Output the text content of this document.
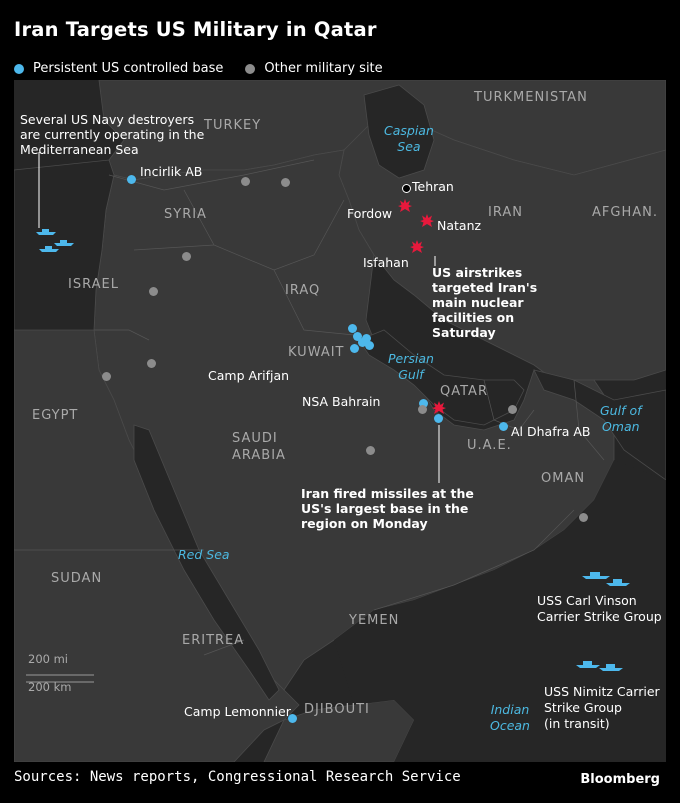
Iran Targets US Military in Qatar
Persistent US controlled base	Other military site
TURKMENISTAN
TURKEY
SYRIA	IRAN	AFGHAN.
ISRAEL	IRAQ
KUWAIT
EGYPT
QATAR
SAUDI
ARABIA
U.A.E.
OMAN
SUDAN
YEMEN
ERITREA
DJIBOUTI
Caspian
Sea
Persian
Gulf
Gulf of
Oman
Red Sea
Indian
Ocean
Incirlik AB
Tehran
Fordow
Natanz
Isfahan
Camp Arifjan
NSA Bahrain
Al Dhafra AB
Camp Lemonnier
Several US Navy destroyers
are currently operating in the
Mediterranean Sea
US airstrikes
targeted Iran's
main nuclear
facilities on
Saturday
Iran fired missiles at the
US's largest base in the
region on Monday
USS Carl Vinson
Carrier Strike Group
USS Nimitz Carrier
Strike Group
(in transit)
200 mi
200 km
Sources: News reports, Congressional Research Service	Bloomberg
